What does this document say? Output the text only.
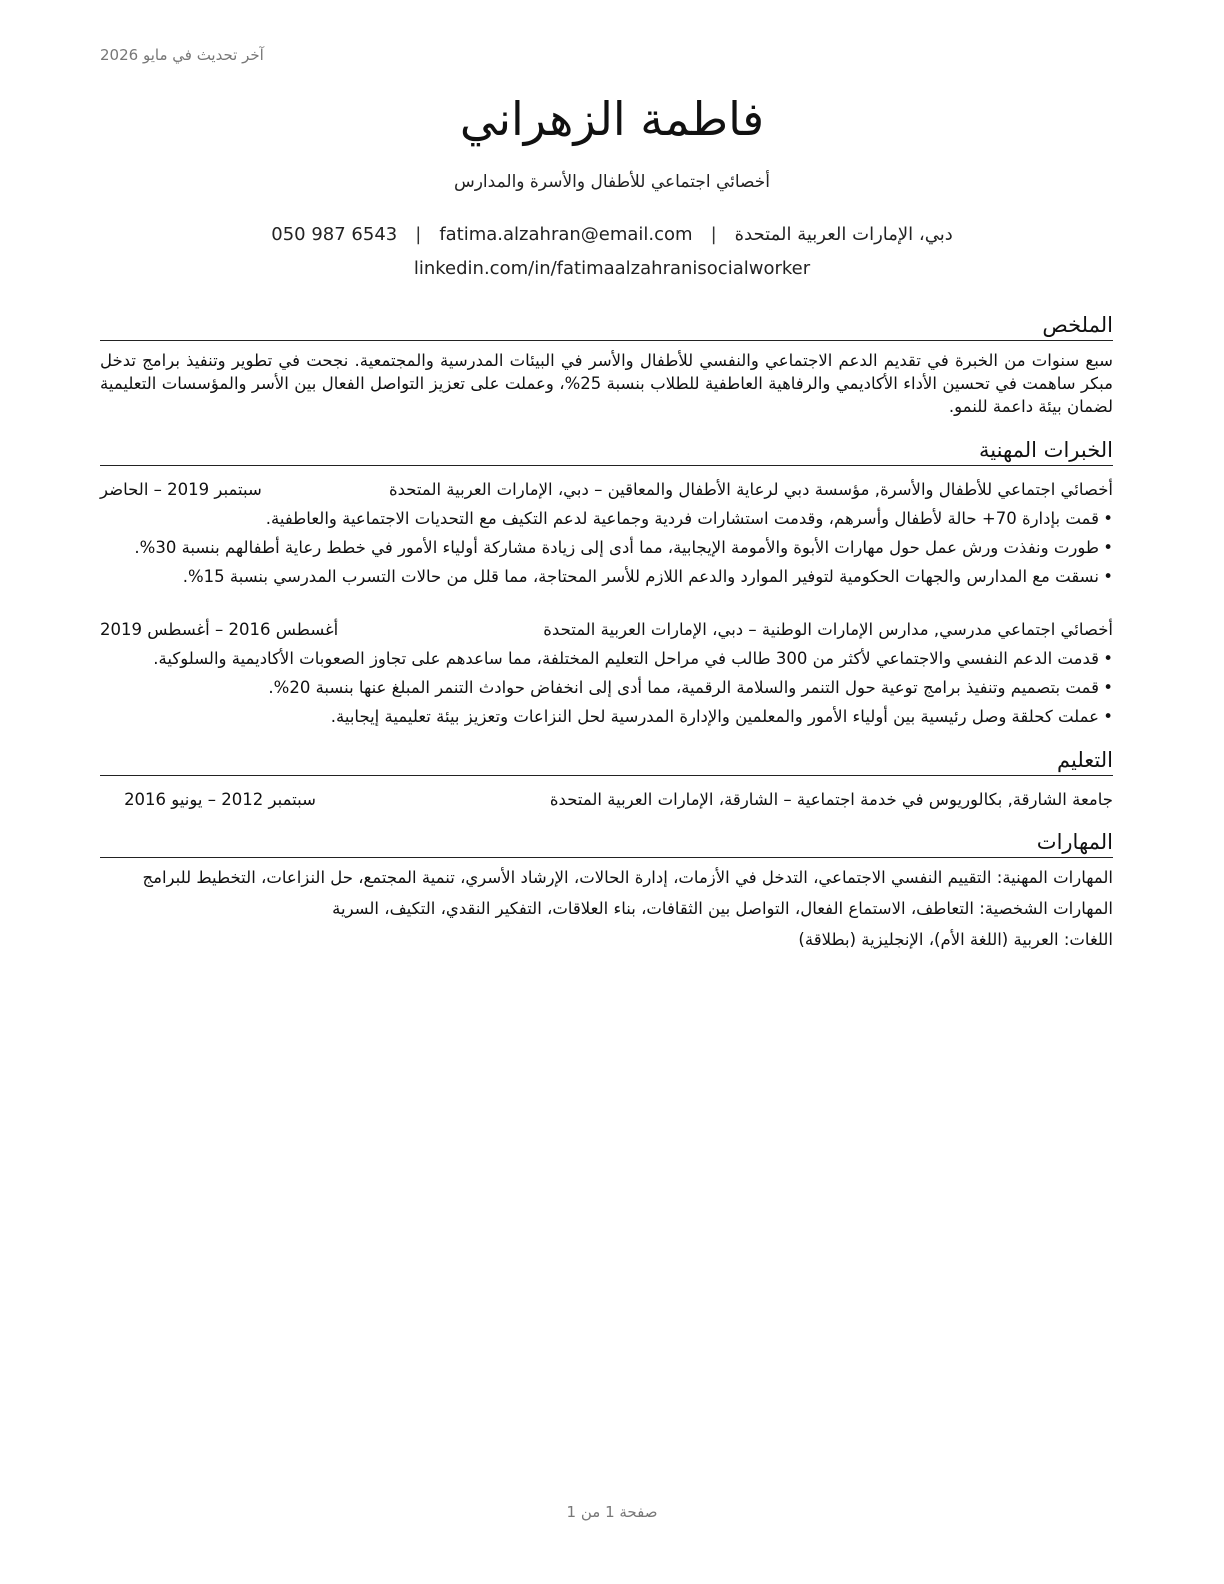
آخر تحديث في مايو 2026
فاطمة الزهراني
أخصائي اجتماعي للأطفال والأسرة والمدارس
دبي، الإمارات العربية المتحدة
|
fatima.alzahran@email.com
|
050 987 6543
linkedin.com/in/fatimaalzahranisocialworker
الملخص

سبع سنوات من الخبرة في تقديم الدعم الاجتماعي والنفسي للأطفال والأسر في البيئات المدرسية والمجتمعية. نجحت في تطوير وتنفيذ برامج تدخل مبكر ساهمت في تحسين الأداء الأكاديمي والرفاهية العاطفية للطلاب بنسبة 25%، وعملت على تعزيز التواصل الفعال بين الأسر والمؤسسات التعليمية لضمان بيئة داعمة للنمو.

الخبرات المهنية
أخصائي اجتماعي للأطفال والأسرة, مؤسسة دبي لرعاية الأطفال والمعاقين – دبي، الإمارات العربية المتحدة
سبتمبر 2019 – الحاضر
• قمت بإدارة 70+ حالة لأطفال وأسرهم، وقدمت استشارات فردية وجماعية لدعم التكيف مع التحديات الاجتماعية والعاطفية.
• طورت ونفذت ورش عمل حول مهارات الأبوة والأمومة الإيجابية، مما أدى إلى زيادة مشاركة أولياء الأمور في خطط رعاية أطفالهم بنسبة 30%.
• نسقت مع المدارس والجهات الحكومية لتوفير الموارد والدعم اللازم للأسر المحتاجة، مما قلل من حالات التسرب المدرسي بنسبة 15%.
أخصائي اجتماعي مدرسي, مدارس الإمارات الوطنية – دبي، الإمارات العربية المتحدة
أغسطس 2016 – أغسطس 2019
• قدمت الدعم النفسي والاجتماعي لأكثر من 300 طالب في مراحل التعليم المختلفة، مما ساعدهم على تجاوز الصعوبات الأكاديمية والسلوكية.
• قمت بتصميم وتنفيذ برامج توعية حول التنمر والسلامة الرقمية، مما أدى إلى انخفاض حوادث التنمر المبلغ عنها بنسبة 20%.
• عملت كحلقة وصل رئيسية بين أولياء الأمور والمعلمين والإدارة المدرسية لحل النزاعات وتعزيز بيئة تعليمية إيجابية.
التعليم
جامعة الشارقة, بكالوريوس في خدمة اجتماعية – الشارقة، الإمارات العربية المتحدة
سبتمبر 2012 – يونيو 2016
المهارات

المهارات المهنية: التقييم النفسي الاجتماعي، التدخل في الأزمات، إدارة الحالات، الإرشاد الأسري، تنمية المجتمع، حل النزاعات، التخطيط للبرامج

المهارات الشخصية: التعاطف، الاستماع الفعال، التواصل بين الثقافات، بناء العلاقات، التفكير النقدي، التكيف، السرية

اللغات: العربية (اللغة الأم)، الإنجليزية (بطلاقة)

صفحة 1 من 1
